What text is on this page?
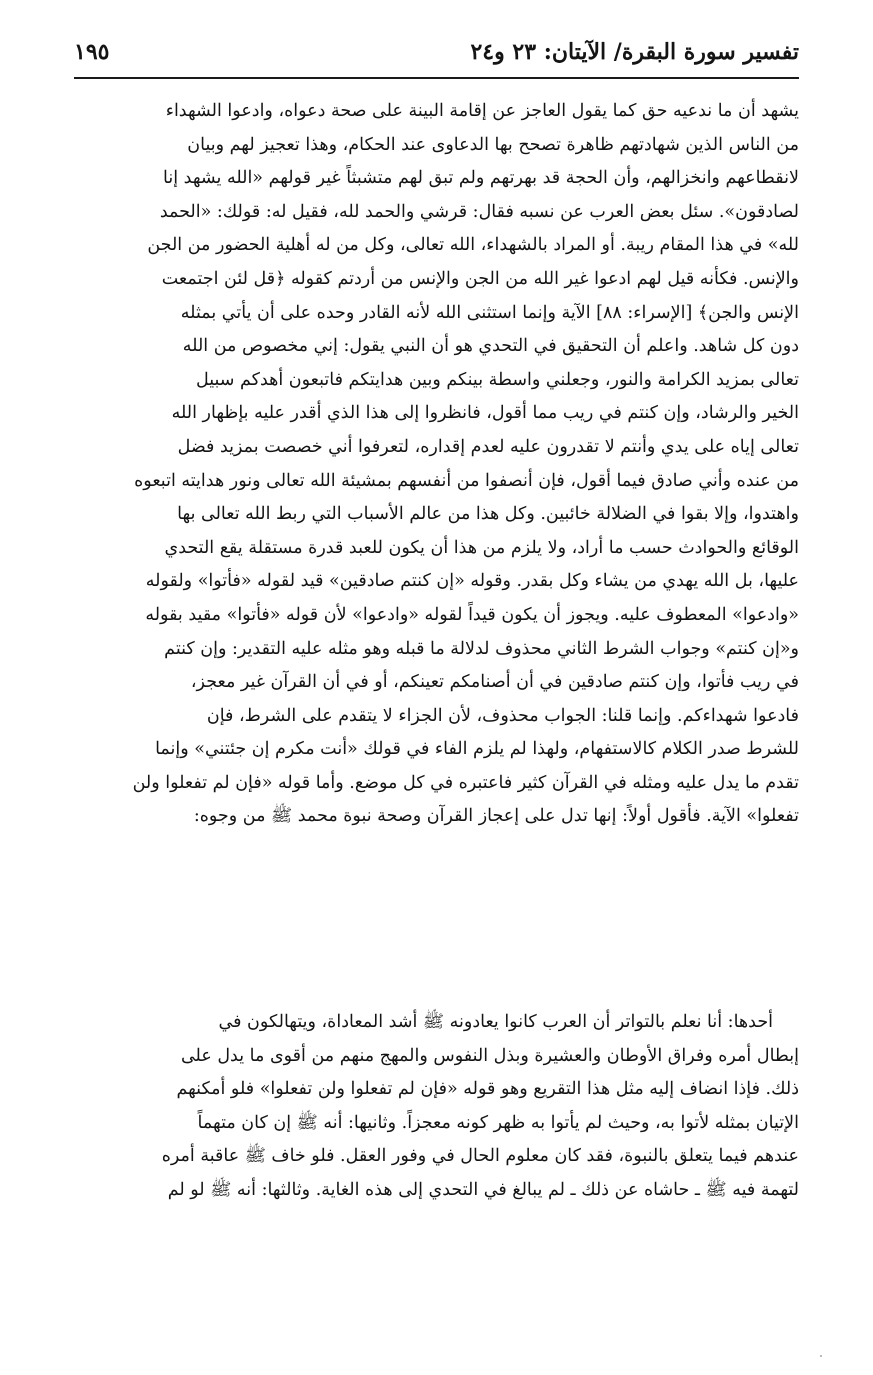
تفسير سورة البقرة/ الآيتان: ٢٣ و٢٤
١٩٥
يشهد أن ما ندعيه حق كما يقول العاجز عن إقامة البينة على صحة دعواه، وادعوا الشهداء
من الناس الذين شهادتهم ظاهرة تصحح بها الدعاوى عند الحكام، وهذا تعجيز لهم وبيان
لانقطاعهم وانخزالهم، وأن الحجة قد بهرتهم ولم تبق لهم متشبثاً غير قولهم «الله يشهد إنا
لصادقون». سئل بعض العرب عن نسبه فقال: قرشي والحمد لله، فقيل له: قولك: «الحمد
لله» في هذا المقام ريبة. أو المراد بالشهداء، الله تعالى، وكل من له أهلية الحضور من الجن
والإنس. فكأنه قيل لهم ادعوا غير الله من الجن والإنس من أردتم كقوله ﴿قل لئن اجتمعت
الإنس والجن﴾ [الإسراء: ٨٨] الآية وإنما استثنى الله لأنه القادر وحده على أن يأتي بمثله
دون كل شاهد. واعلم أن التحقيق في التحدي هو أن النبي يقول: إني مخصوص من الله
تعالى بمزيد الكرامة والنور، وجعلني واسطة بينكم وبين هدايتكم فاتبعون أهدكم سبيل
الخير والرشاد، وإن كنتم في ريب مما أقول، فانظروا إلى هذا الذي أقدر عليه بإظهار الله
تعالى إياه على يدي وأنتم لا تقدرون عليه لعدم إقداره، لتعرفوا أني خصصت بمزيد فضل
من عنده وأني صادق فيما أقول، فإن أنصفوا من أنفسهم بمشيئة الله تعالى ونور هدايته اتبعوه
واهتدوا، وإلا بقوا في الضلالة خائبين. وكل هذا من عالم الأسباب التي ربط الله تعالى بها
الوقائع والحوادث حسب ما أراد، ولا يلزم من هذا أن يكون للعبد قدرة مستقلة يقع التحدي
عليها، بل الله يهدي من يشاء وكل بقدر. وقوله «إن كنتم صادقين» قيد لقوله «فأتوا» ولقوله
«وادعوا» المعطوف عليه. ويجوز أن يكون قيداً لقوله «وادعوا» لأن قوله «فأتوا» مقيد بقوله
و«إن كنتم» وجواب الشرط الثاني محذوف لدلالة ما قبله وهو مثله عليه التقدير: وإن كنتم
في ريب فأتوا، وإن كنتم صادقين في أن أصنامكم تعينكم، أو في أن القرآن غير معجز،
فادعوا شهداءكم. وإنما قلنا: الجواب محذوف، لأن الجزاء لا يتقدم على الشرط، فإن
للشرط صدر الكلام كالاستفهام، ولهذا لم يلزم الفاء في قولك «أنت مكرم إن جئتني» وإنما
تقدم ما يدل عليه ومثله في القرآن كثير فاعتبره في كل موضع. وأما قوله «فإن لم تفعلوا ولن
تفعلوا» الآية. فأقول أولاً: إنها تدل على إعجاز القرآن وصحة نبوة محمد ﷺ من وجوه:
أحدها: أنا نعلم بالتواتر أن العرب كانوا يعادونه ﷺ أشد المعاداة، ويتهالكون في
إبطال أمره وفراق الأوطان والعشيرة وبذل النفوس والمهج منهم من أقوى ما يدل على
ذلك. فإذا انضاف إليه مثل هذا التقريع وهو قوله «فإن لم تفعلوا ولن تفعلوا» فلو أمكنهم
الإتيان بمثله لأتوا به، وحيث لم يأتوا به ظهر كونه معجزاً. وثانيها: أنه ﷺ إن كان متهماً
عندهم فيما يتعلق بالنبوة، فقد كان معلوم الحال في وفور العقل. فلو خاف ﷺ عاقبة أمره
لتهمة فيه ﷺ ـ حاشاه عن ذلك ـ لم يبالغ في التحدي إلى هذه الغاية. وثالثها: أنه ﷺ لو لم
